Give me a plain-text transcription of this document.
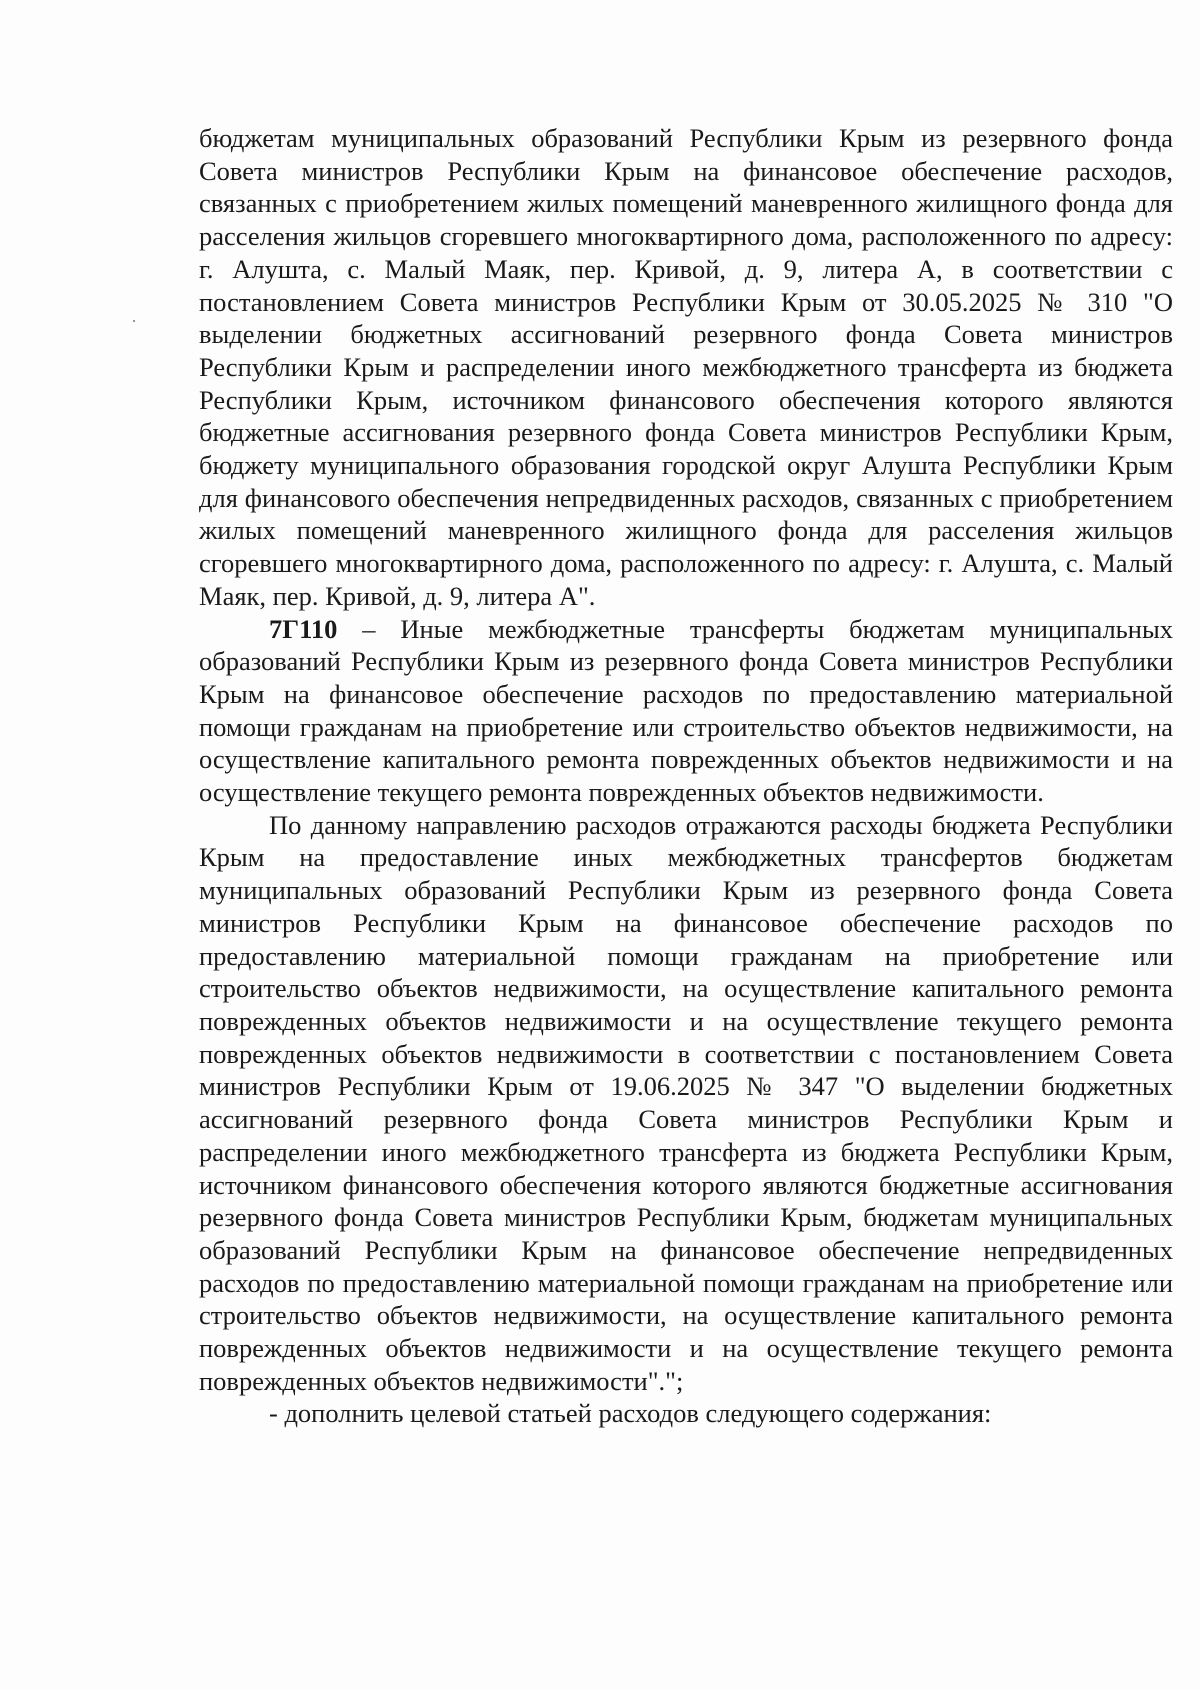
бюджетам муниципальных образований Республики Крым из резервного фонда Совета министров Республики Крым на финансовое обеспечение расходов, связанных с приобретением жилых помещений маневренного жилищного фонда для расселения жильцов сгоревшего многоквартирного дома, расположенного по адресу: г. Алушта, с. Малый Маяк, пер. Кривой, д. 9, литера А, в соответствии с постановлением Совета министров Республики Крым от 30.05.2025 № 310 "О выделении бюджетных ассигнований резервного фонда Совета министров Республики Крым и распределении иного межбюджетного трансферта из бюджета Республики Крым, источником финансового обеспечения которого являются бюджетные ассигнования резервного фонда Совета министров Республики Крым, бюджету муниципального образования городской округ Алушта Республики Крым для финансового обеспечения непредвиденных расходов, связанных с приобретением жилых помещений маневренного жилищного фонда для расселения жильцов сгоревшего многоквартирного дома, расположенного по адресу: г. Алушта, с. Малый Маяк, пер. Кривой, д. 9, литера А".

7Г110 – Иные межбюджетные трансферты бюджетам муниципальных образований Республики Крым из резервного фонда Совета министров Республики Крым на финансовое обеспечение расходов по предоставлению материальной помощи гражданам на приобретение или строительство объектов недвижимости, на осуществление капитального ремонта поврежденных объектов недвижимости и на осуществление текущего ремонта поврежденных объектов недвижимости.

По данному направлению расходов отражаются расходы бюджета Республики Крым на предоставление иных межбюджетных трансфертов бюджетам муниципальных образований Республики Крым из резервного фонда Совета министров Республики Крым на финансовое обеспечение расходов по предоставлению материальной помощи гражданам на приобретение или строительство объектов недвижимости, на осуществление капитального ремонта поврежденных объектов недвижимости и на осуществление текущего ремонта поврежденных объектов недвижимости в соответствии с постановлением Совета министров Республики Крым от 19.06.2025 № 347 "О выделении бюджетных ассигнований резервного фонда Совета министров Республики Крым и распределении иного межбюджетного трансферта из бюджета Республики Крым, источником финансового обеспечения которого являются бюджетные ассигнования резервного фонда Совета министров Республики Крым, бюджетам муниципальных образований Республики Крым на финансовое обеспечение непредвиденных расходов по предоставлению материальной помощи гражданам на приобретение или строительство объектов недвижимости, на осуществление капитального ремонта поврежденных объектов недвижимости и на осуществление текущего ремонта поврежденных объектов недвижимости".";

- дополнить целевой статьей расходов следующего содержания:
